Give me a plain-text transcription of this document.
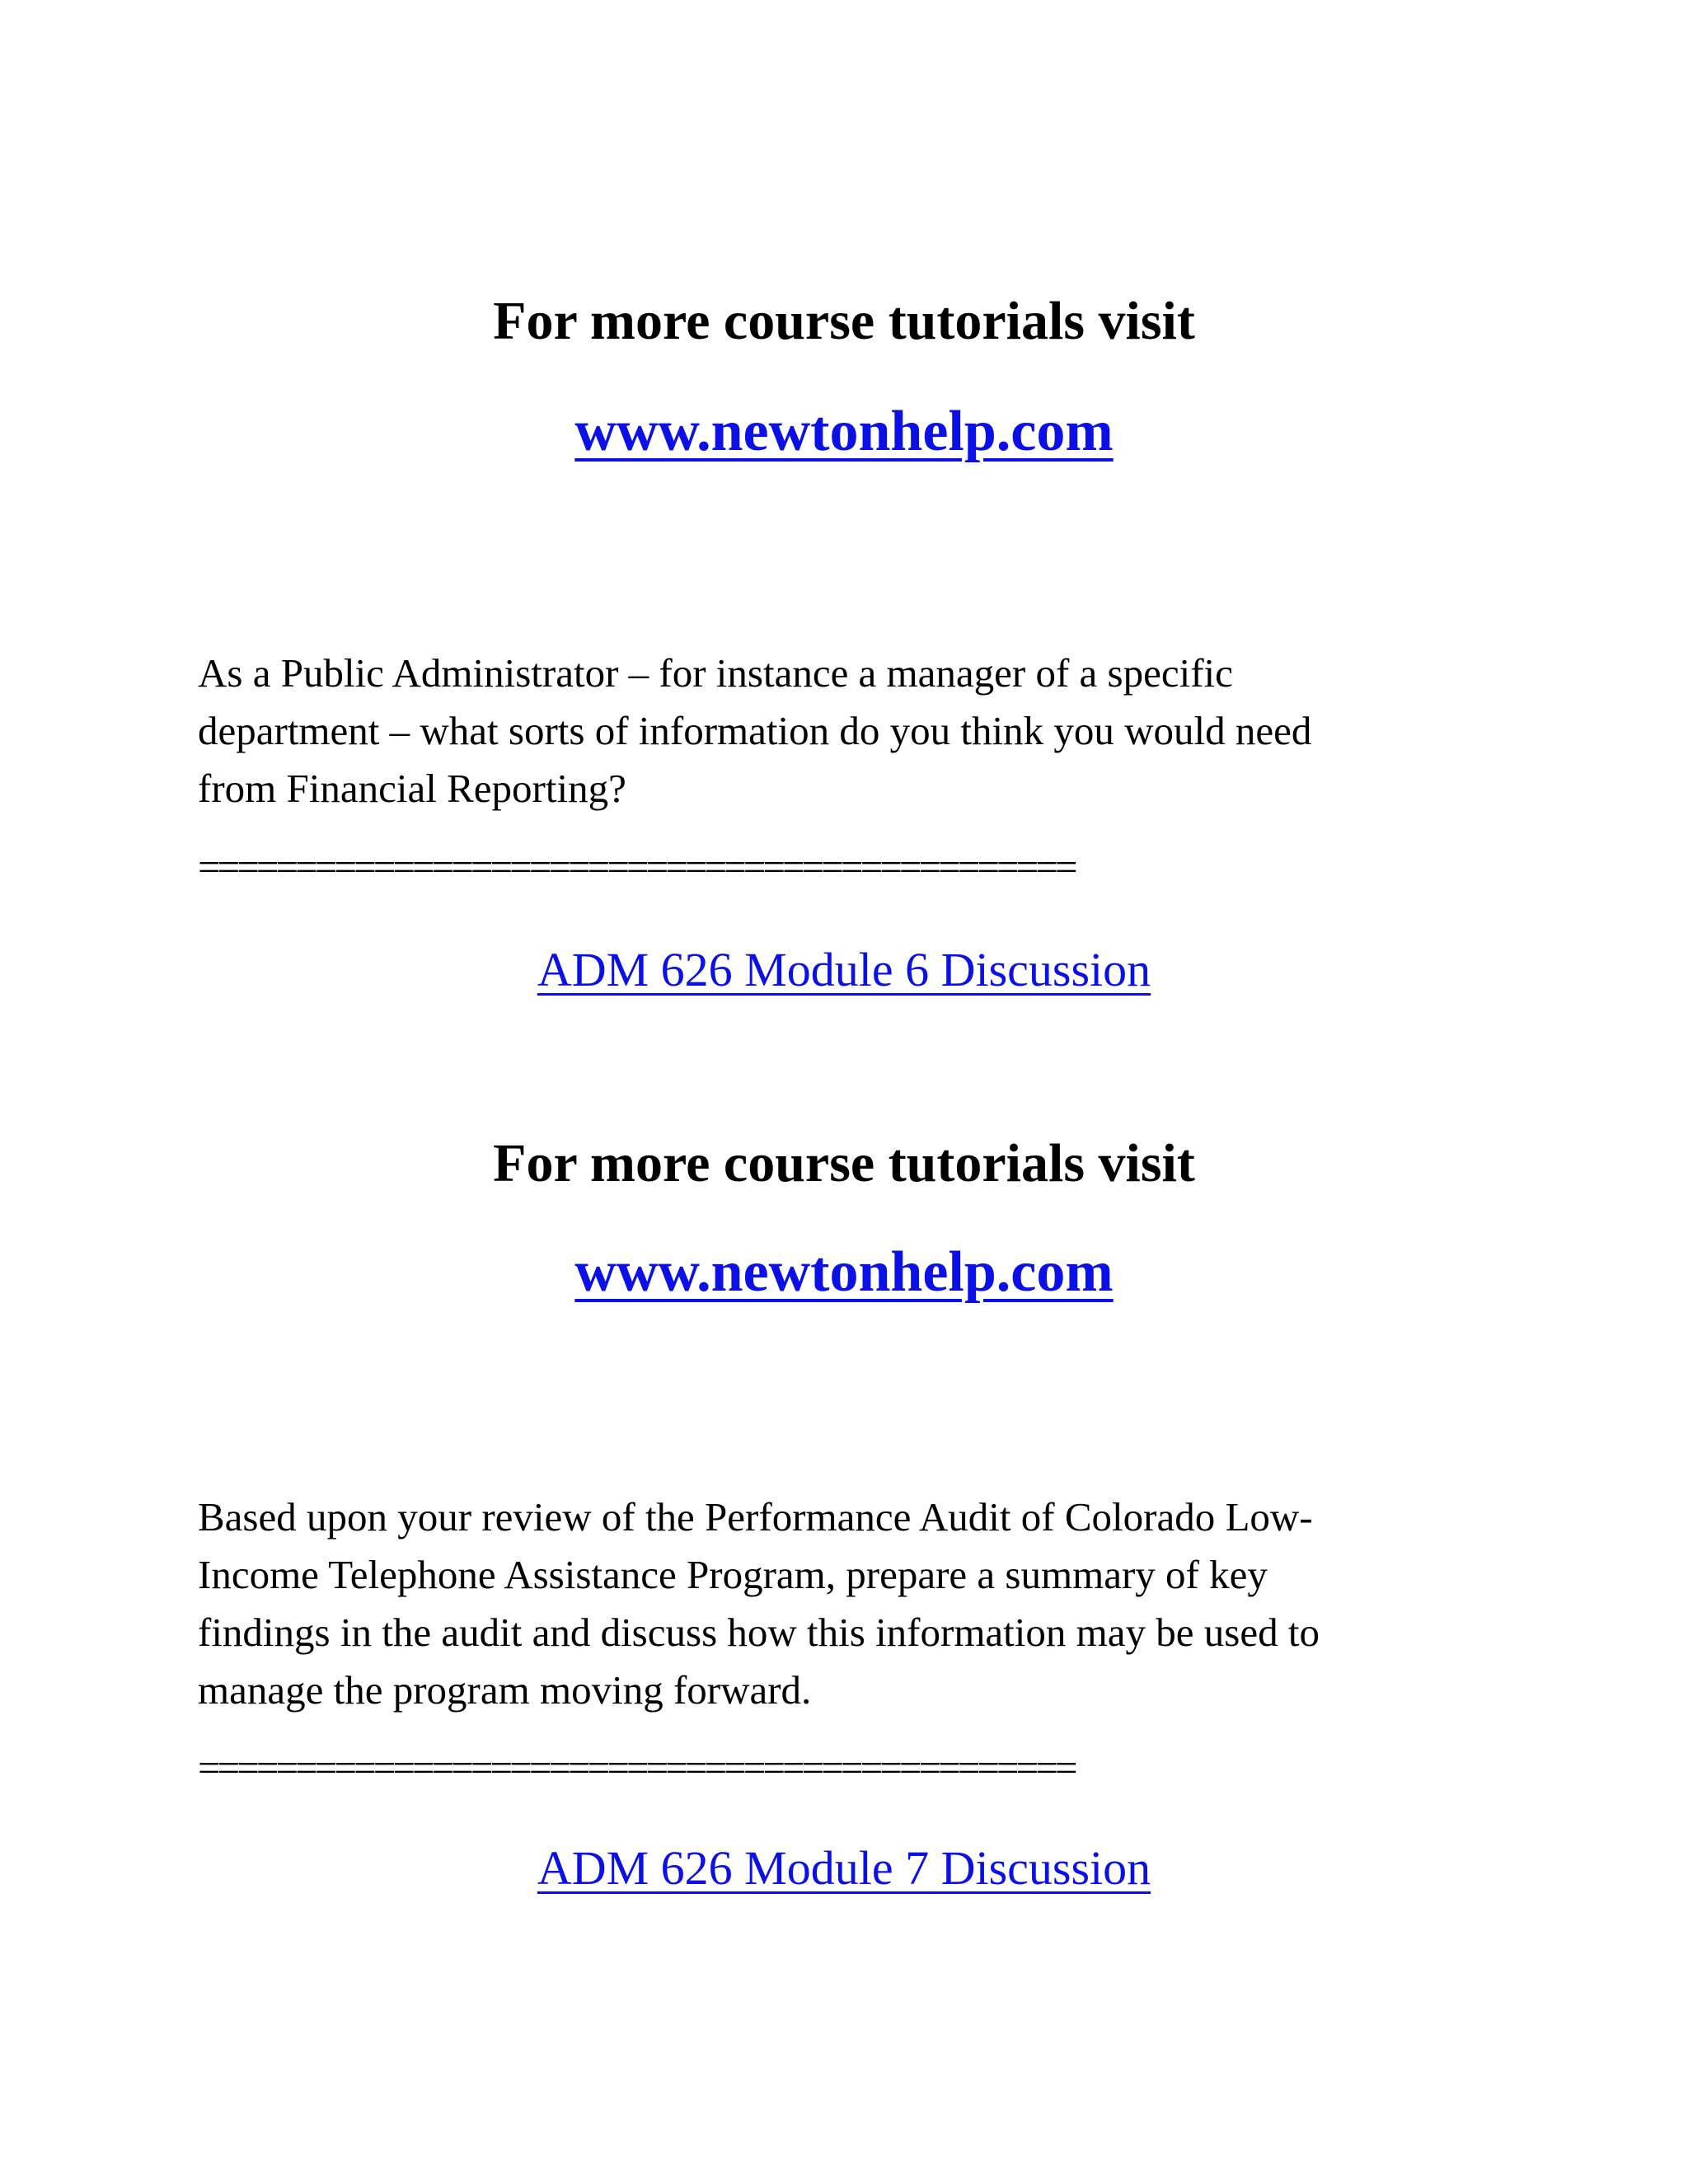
For more course tutorials visit
www.newtonhelp.com
As a Public Administrator – for instance a manager of a specific
department – what sorts of information do you think you would need
from Financial Reporting?
=============================================
ADM 626 Module 6 Discussion
For more course tutorials visit
www.newtonhelp.com
Based upon your review of the Performance Audit of Colorado Low-
Income Telephone Assistance Program, prepare a summary of key
findings in the audit and discuss how this information may be used to
manage the program moving forward.
=============================================
ADM 626 Module 7 Discussion
